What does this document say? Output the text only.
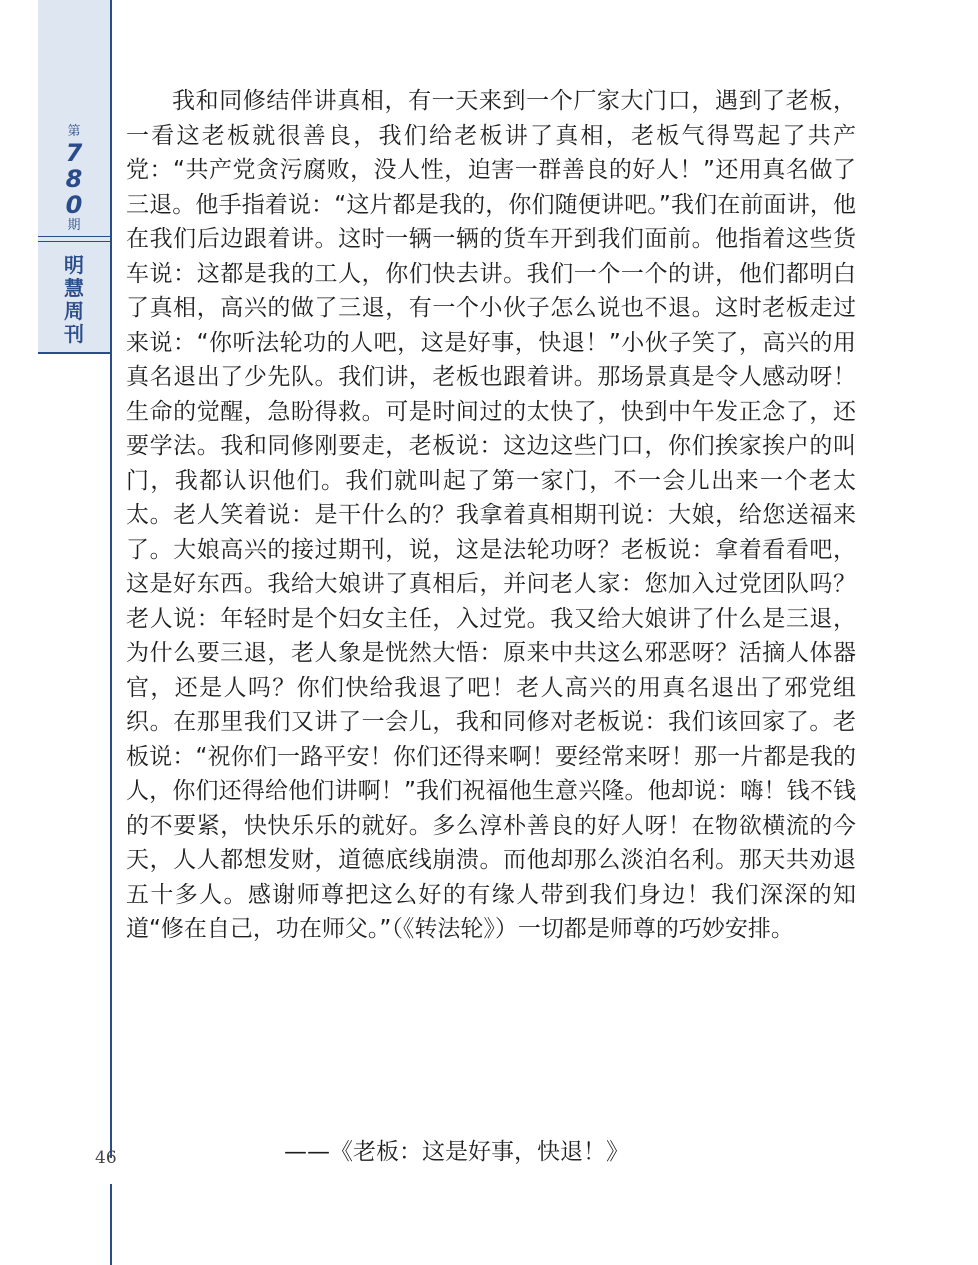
第
7
8
0
期
明
慧
周
刊
46

我和同修结伴讲真相，有一天来到一个厂家大门口，遇到了老板，一看这老板就很善良，我们给老板讲了真相，老板气得骂起了共产党：“共产党贪污腐败，没人性，迫害一群善良的好人！”还用真名做了三退。他手指着说：“这片都是我的，你们随便讲吧。”我们在前面讲，他在我们后边跟着讲。这时一辆一辆的货车开到我们面前。他指着这些货车说：这都是我的工人，你们快去讲。我们一个一个的讲，他们都明白了真相，高兴的做了三退，有一个小伙子怎么说也不退。这时老板走过来说：“你听法轮功的人吧，这是好事，快退！”小伙子笑了，高兴的用真名退出了少先队。我们讲，老板也跟着讲。那场景真是令人感动呀！生命的觉醒，急盼得救。可是时间过的太快了，快到中午发正念了，还要学法。我和同修刚要走，老板说：这边这些门口，你们挨家挨户的叫门，我都认识他们。我们就叫起了第一家门，不一会儿出来一个老太太。老人笑着说：是干什么的？我拿着真相期刊说：大娘，给您送福来了。大娘高兴的接过期刊，说，这是法轮功呀？老板说：拿着看看吧，这是好东西。我给大娘讲了真相后，并问老人家：您加入过党团队吗？老人说：年轻时是个妇女主任，入过党。我又给大娘讲了什么是三退，为什么要三退，老人象是恍然大悟：原来中共这么邪恶呀？活摘人体器官，还是人吗？你们快给我退了吧！老人高兴的用真名退出了邪党组织。在那里我们又讲了一会儿，我和同修对老板说：我们该回家了。老板说：“祝你们一路平安！你们还得来啊！要经常来呀！那一片都是我的人，你们还得给他们讲啊！”我们祝福他生意兴隆。他却说：嗨！钱不钱的不要紧，快快乐乐的就好。多么淳朴善良的好人呀！在物欲横流的今天，人人都想发财，道德底线崩溃。而他却那么淡泊名利。那天共劝退五十多人。感谢师尊把这么好的有缘人带到我们身边！我们深深的知道“修在自己，功在师父。”（《转法轮》）一切都是师尊的巧妙安排。

——《老板：这是好事，快退！》
